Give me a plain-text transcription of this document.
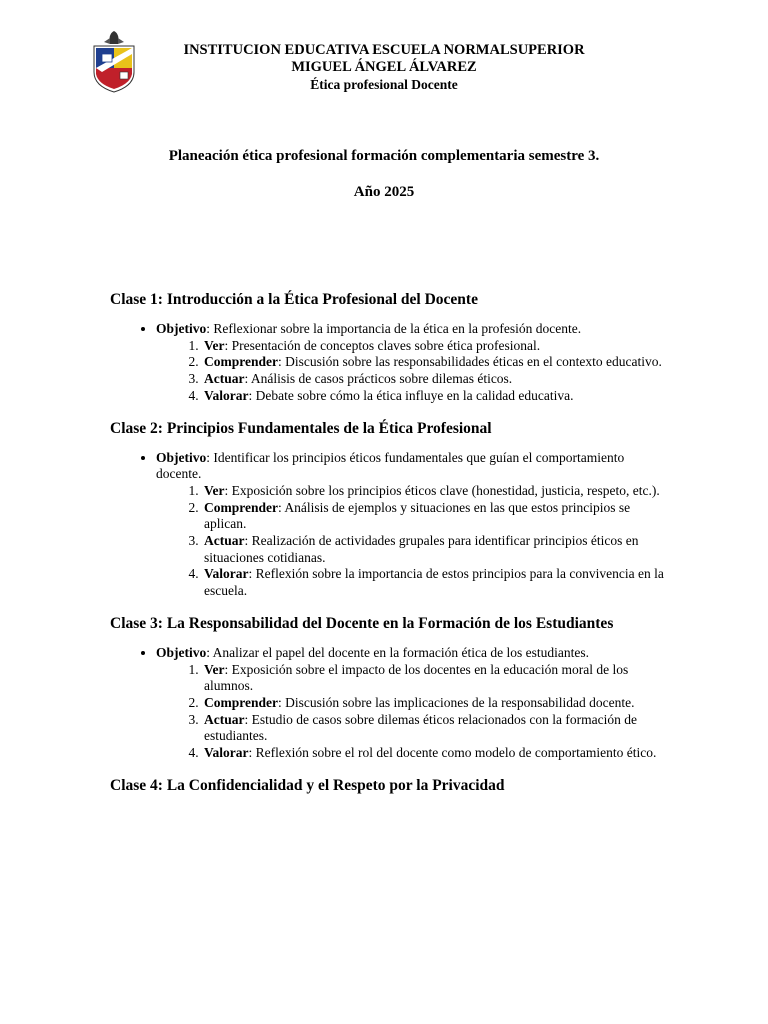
INSTITUCION EDUCATIVA ESCUELA NORMALSUPERIOR
MIGUEL ÁNGEL ÁLVAREZ
Ética profesional Docente
Planeación ética profesional formación complementaria semestre 3.
Año 2025
Clase 1: Introducción a la Ética Profesional del Docente
• Objetivo: Reflexionar sobre la importancia de la ética en la profesión docente.
1. Ver: Presentación de conceptos claves sobre ética profesional.
2. Comprender: Discusión sobre las responsabilidades éticas en el contexto educativo.
3. Actuar: Análisis de casos prácticos sobre dilemas éticos.
4. Valorar: Debate sobre cómo la ética influye en la calidad educativa.
Clase 2: Principios Fundamentales de la Ética Profesional
• Objetivo: Identificar los principios éticos fundamentales que guían el comportamiento docente.
1. Ver: Exposición sobre los principios éticos clave (honestidad, justicia, respeto, etc.).
2. Comprender: Análisis de ejemplos y situaciones en las que estos principios se aplican.
3. Actuar: Realización de actividades grupales para identificar principios éticos en situaciones cotidianas.
4. Valorar: Reflexión sobre la importancia de estos principios para la convivencia en la escuela.
Clase 3: La Responsabilidad del Docente en la Formación de los Estudiantes
• Objetivo: Analizar el papel del docente en la formación ética de los estudiantes.
1. Ver: Exposición sobre el impacto de los docentes en la educación moral de los alumnos.
2. Comprender: Discusión sobre las implicaciones de la responsabilidad docente.
3. Actuar: Estudio de casos sobre dilemas éticos relacionados con la formación de estudiantes.
4. Valorar: Reflexión sobre el rol del docente como modelo de comportamiento ético.
Clase 4: La Confidencialidad y el Respeto por la Privacidad
